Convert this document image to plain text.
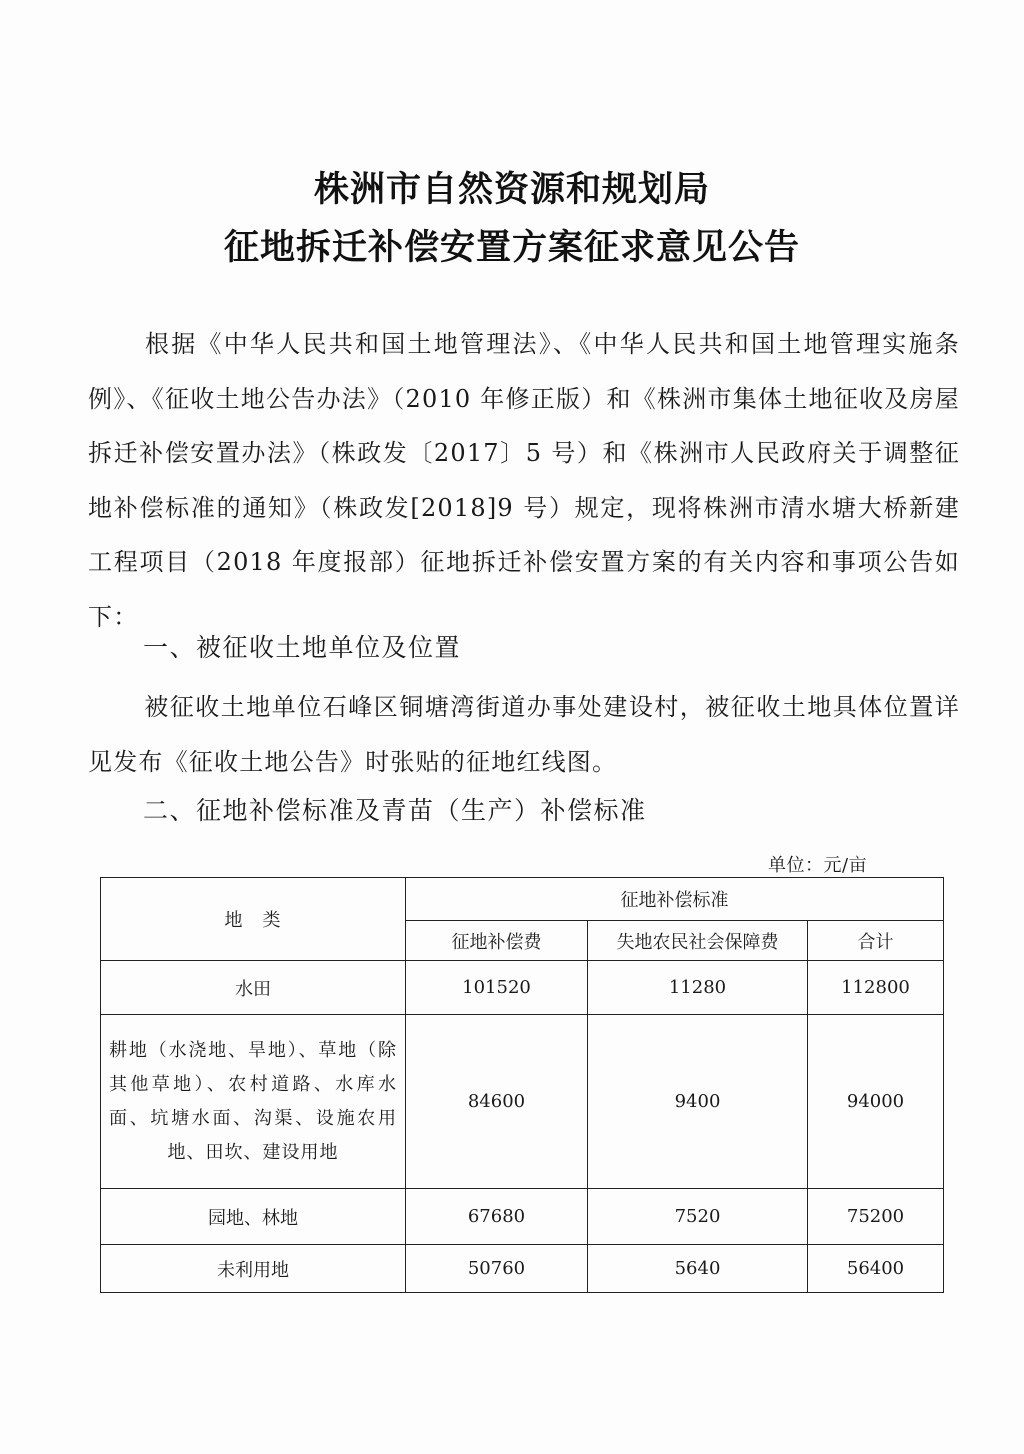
株洲市自然资源和规划局
征地拆迁补偿安置方案征求意见公告

根据《中华人民共和国土地管理法》、《中华人民共和国土地管理实施条例》、《征收土地公告办法》（2010 年修正版）和《株洲市集体土地征收及房屋拆迁补偿安置办法》（株政发〔2017〕5 号）和《株洲市人民政府关于调整征地补偿标准的通知》（株政发[2018]9 号）规定，现将株洲市清水塘大桥新建工程项目（2018 年度报部）征地拆迁补偿安置方案的有关内容和事项公告如下：

一、被征收土地单位及位置

被征收土地单位石峰区铜塘湾街道办事处建设村，被征收土地具体位置详见发布《征收土地公告》时张贴的征地红线图。

二、征地补偿标准及青苗（生产）补偿标准

单位：元/亩
地　类	征地补偿标准		
	征地补偿费	失地农民社会保障费	合计
水田	101520	11280	112800

耕地（水浇地、旱地）、草地（除其他草地）、农村道路、水库水面、坑塘水面、沟渠、设施农用地、田坎、建设用地	84600	9400	94000
园地、林地	67680	7520	75200
未利用地	50760	5640	56400
